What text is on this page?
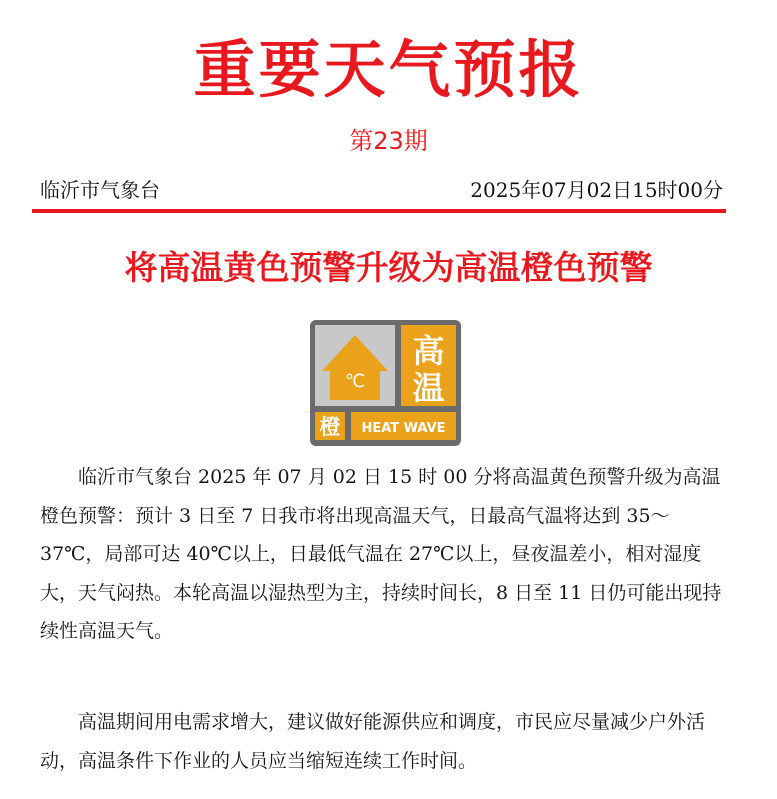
重要天气预报
第23期
临沂市气象台	2025年07月02日15时00分
将高温黄色预警升级为高温橙色预警
℃
高
温
橙 HEAT WAVE

临沂市气象台 2025 年 07 月 02 日 15 时 00 分将高温黄色预警升级为高温橙色预警：预计 3 日至 7 日我市将出现高温天气，日最高气温将达到 35～37℃，局部可达 40℃以上，日最低气温在 27℃以上，昼夜温差小，相对湿度大，天气闷热。本轮高温以湿热型为主，持续时间长，8 日至 11 日仍可能出现持续性高温天气。

高温期间用电需求增大，建议做好能源供应和调度，市民应尽量减少户外活动，高温条件下作业的人员应当缩短连续工作时间。
